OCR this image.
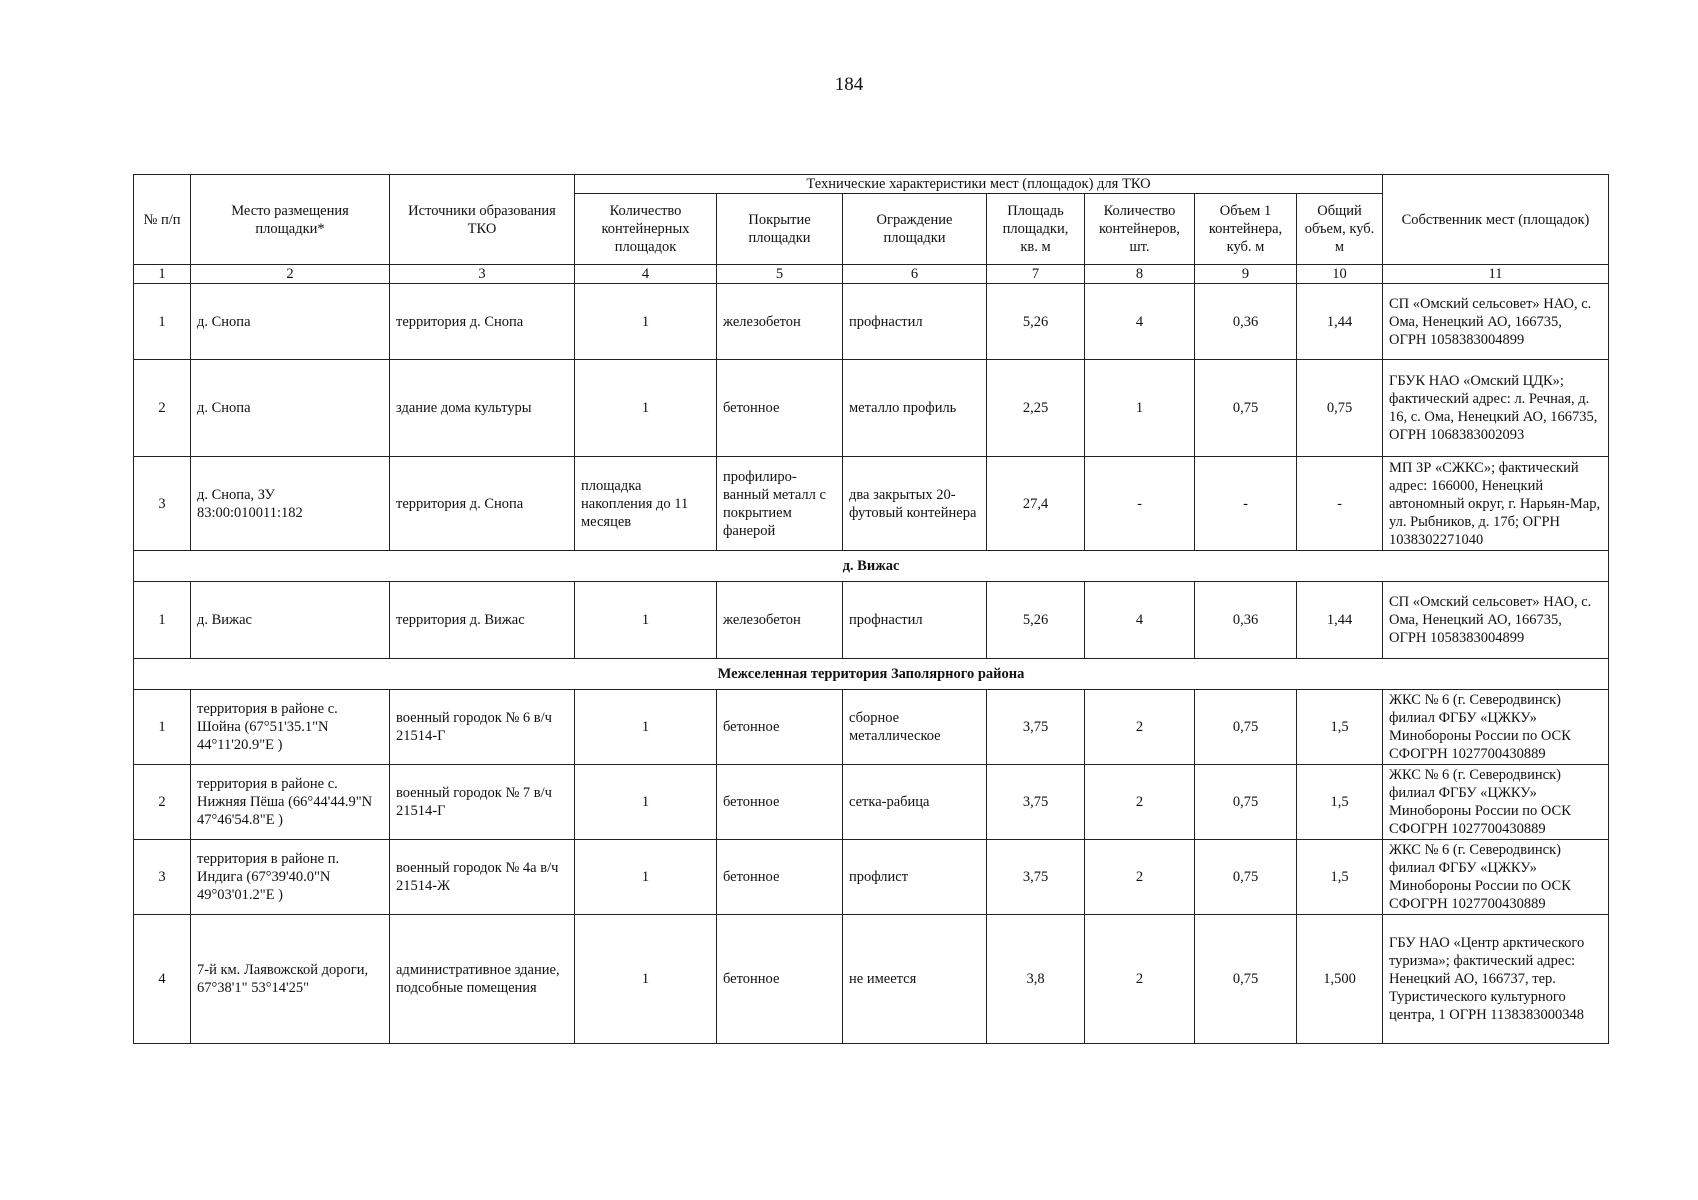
184
№ п/п	Место размещения площадки*	Источники образования ТКО	Технические характеристики мест (площадок) для ТКО							Собственник мест (площадок)
			Количество контейнерных площадок	Покрытие площадки	Ограждение площадки	Площадь площадки, кв. м	Количество контейнеров, шт.	Объем 1 контейнера, куб. м	Общий объем, куб. м	
1	2	3	4	5	6	7	8	9	10	11
1	д. Снопа	территория д. Снопа	1	железобетон	профнастил	5,26	4	0,36	1,44	СП «Омский сельсовет» НАО, с. Ома, Ненецкий АО, 166735, ОГРН 1058383004899
2	д. Снопа	здание дома культуры	1	бетонное	металло профиль	2,25	1	0,75	0,75	ГБУК НАО «Омский ЦДК»; фактический адрес: л. Речная, д. 16, с. Ома, Ненецкий АО, 166735, ОГРН 1068383002093
3	д. Снопа, ЗУ 83:00:010011:182	территория д. Снопа	площадка накопления до 11 месяцев	профилиро-ванный металл с покрытием фанерой	два закрытых 20-футовый контейнера	27,4	-	-	-	МП ЗР «СЖКС»; фактический адрес: 166000, Ненецкий автономный округ, г. Нарьян-Мар, ул. Рыбников, д. 17б; ОГРН 1038302271040
д. Вижас										
1	д. Вижас	территория д. Вижас	1	железобетон	профнастил	5,26	4	0,36	1,44	СП «Омский сельсовет» НАО, с. Ома, Ненецкий АО, 166735, ОГРН 1058383004899
Межселенная территория Заполярного района										
1	территория в районе с. Шойна (67°51'35.1"N 44°11'20.9"E )	военный городок № 6 в/ч 21514-Г	1	бетонное	сборное металлическое	3,75	2	0,75	1,5	ЖКС № 6 (г. Северодвинск) филиал ФГБУ «ЦЖКУ» Минобороны России по ОСК СФОГРН 1027700430889
2	территория в районе с. Нижняя Пёша (66°44'44.9"N 47°46'54.8"E )	военный городок № 7 в/ч 21514-Г	1	бетонное	сетка-рабица	3,75	2	0,75	1,5	ЖКС № 6 (г. Северодвинск) филиал ФГБУ «ЦЖКУ» Минобороны России по ОСК СФОГРН 1027700430889
3	территория в районе п. Индига (67°39'40.0"N 49°03'01.2"E )	военный городок № 4а в/ч 21514-Ж	1	бетонное	профлист	3,75	2	0,75	1,5	ЖКС № 6 (г. Северодвинск) филиал ФГБУ «ЦЖКУ» Минобороны России по ОСК СФОГРН 1027700430889
4	7-й км. Лаявожской дороги, 67°38'1" 53°14'25"	административное здание, подсобные помещения	1	бетонное	не имеется	3,8	2	0,75	1,500	ГБУ НАО «Центр арктического туризма»; фактический адрес: Ненецкий АО, 166737, тер. Туристического культурного центра, 1 ОГРН 1138383000348
